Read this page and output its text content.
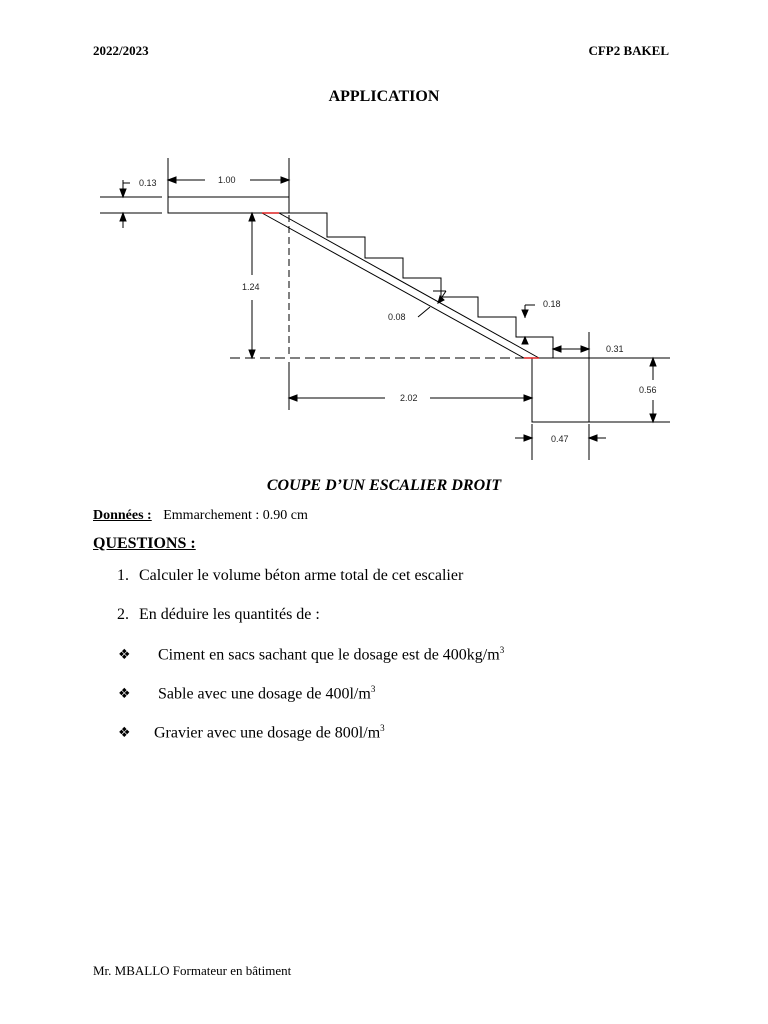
2022/2023	CFP2 BAKEL
APPLICATION
0.13	1.00
1.24
0.08
0.18
0.31
2.02
0.56
0.47
COUPE D’UN ESCALIER DROIT
Données : Emmarchement : 0.90 cm
QUESTIONS :
1. Calculer le volume béton arme total de cet escalier
2. En déduire les quantités de :
❖ Ciment en sacs sachant que le dosage est de $400kg/m^3$
❖ Sable avec une dosage de $400l/m^3$
❖ Gravier avec une dosage de $800l/m^3$
Mr. MBALLO Formateur en bâtiment
